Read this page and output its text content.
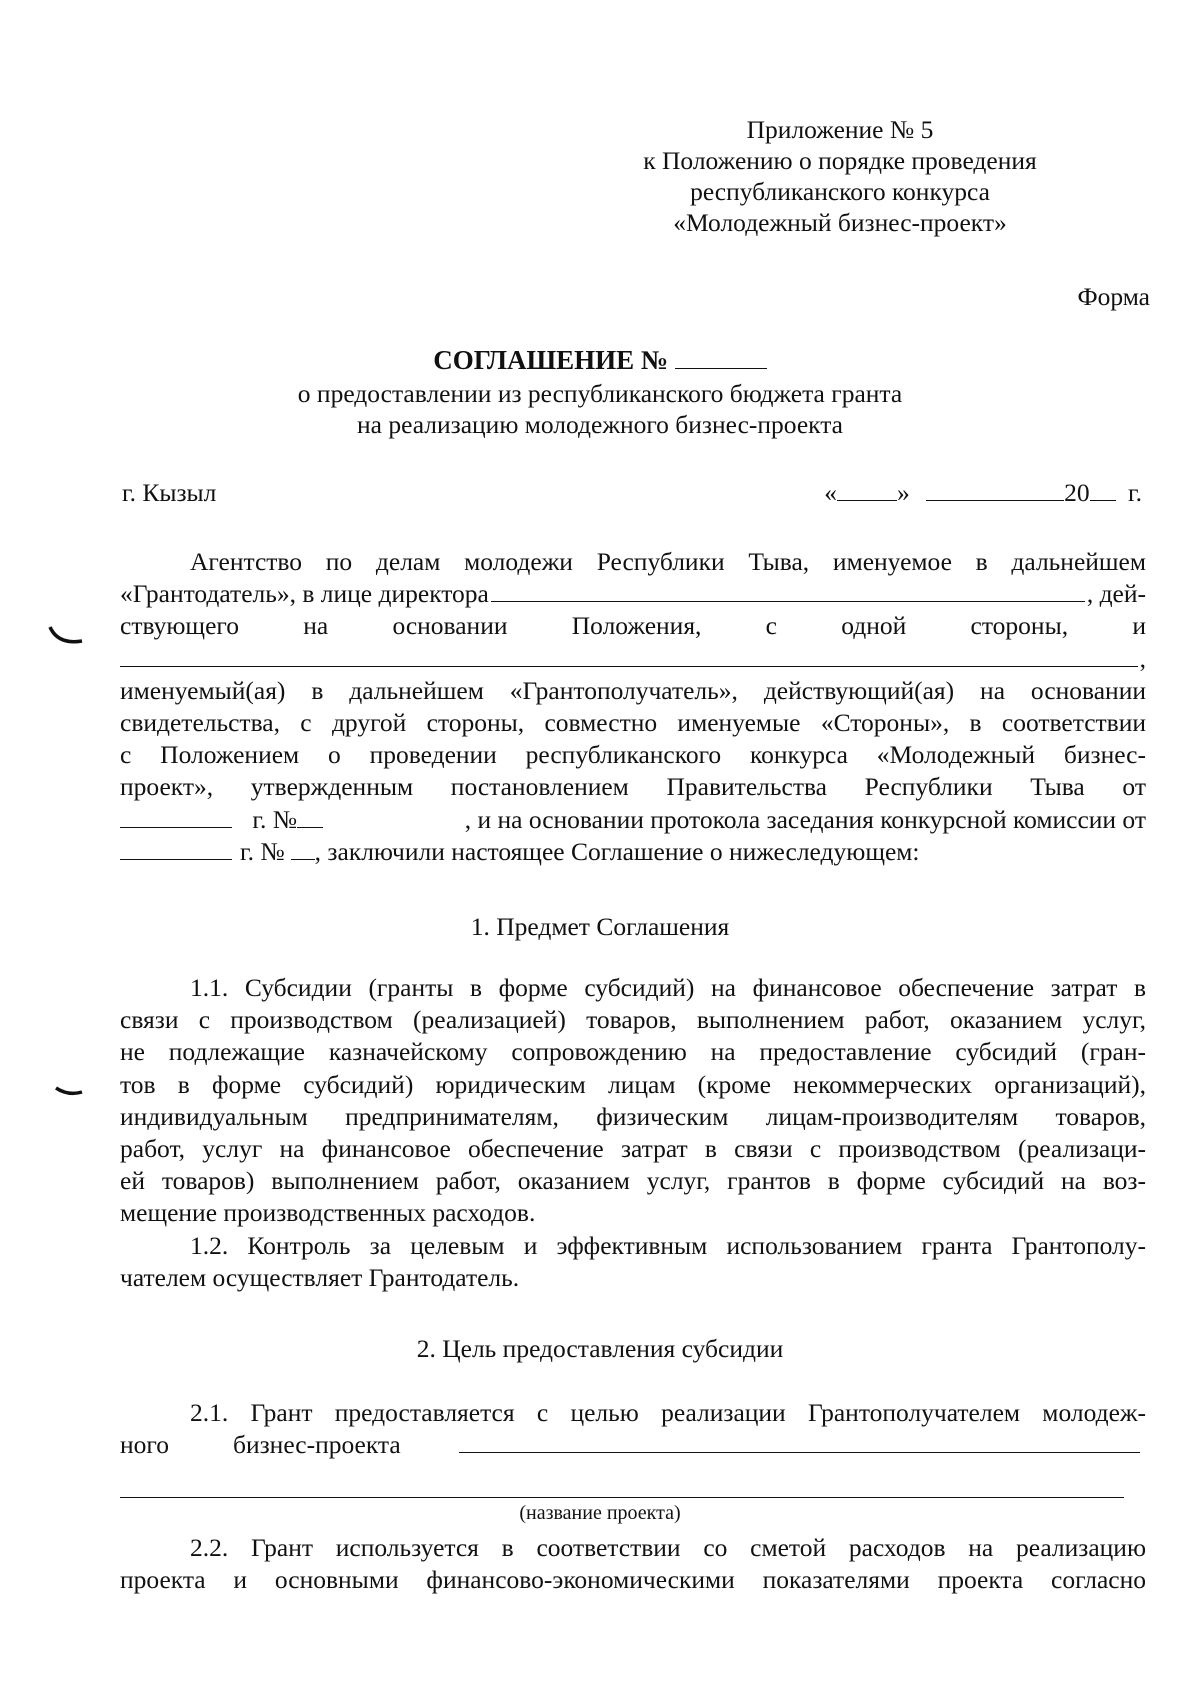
Приложение № 5
к Положению о порядке проведения
республиканского конкурса
«Молодежный бизнес-проект»
Форма
СОГЛАШЕНИЕ №
о предоставлении из республиканского бюджета гранта
на реализацию молодежного бизнес-проекта
г. Кызыл	« »	20 г.
Агентство по делам молодежи Республики Тыва, именуемое в дальнейшем
«Грантодатель», в лице директора	, дей-
ствующего	на	основании	Положения,	с	одной	стороны,	и
,
именуемый(ая) в дальнейшем «Грантополучатель», действующий(ая) на основании
свидетельства, с другой стороны, совместно именуемые «Стороны», в соответствии
с Положением о проведении республиканского конкурса «Молодежный бизнес-
проект», утвержденным постановлением Правительства Республики Тыва от
г. №	, и на основании протокола заседания конкурсной комиссии от
г. № , заключили настоящее Соглашение о нижеследующем:
1. Предмет Соглашения
1.1. Субсидии (гранты в форме субсидий) на финансовое обеспечение затрат в
связи с производством (реализацией) товаров, выполнением работ, оказанием услуг,
не подлежащие казначейскому сопровождению на предоставление субсидий (гран-
тов в форме субсидий) юридическим лицам (кроме некоммерческих организаций),
индивидуальным предпринимателям, физическим лицам-производителям товаров,
работ, услуг на финансовое обеспечение затрат в связи с производством (реализаци-
ей товаров) выполнением работ, оказанием услуг, грантов в форме субсидий на воз-
мещение производственных расходов.
1.2. Контроль за целевым и эффективным использованием гранта Грантополу-
чателем осуществляет Грантодатель.
2. Цель предоставления субсидии
2.1. Грант предоставляется с целью реализации Грантополучателем молодеж-
ного	бизнес-проекта
(название проекта)
2.2. Грант используется в соответствии со сметой расходов на реализацию
проекта и основными финансово-экономическими показателями проекта согласно
